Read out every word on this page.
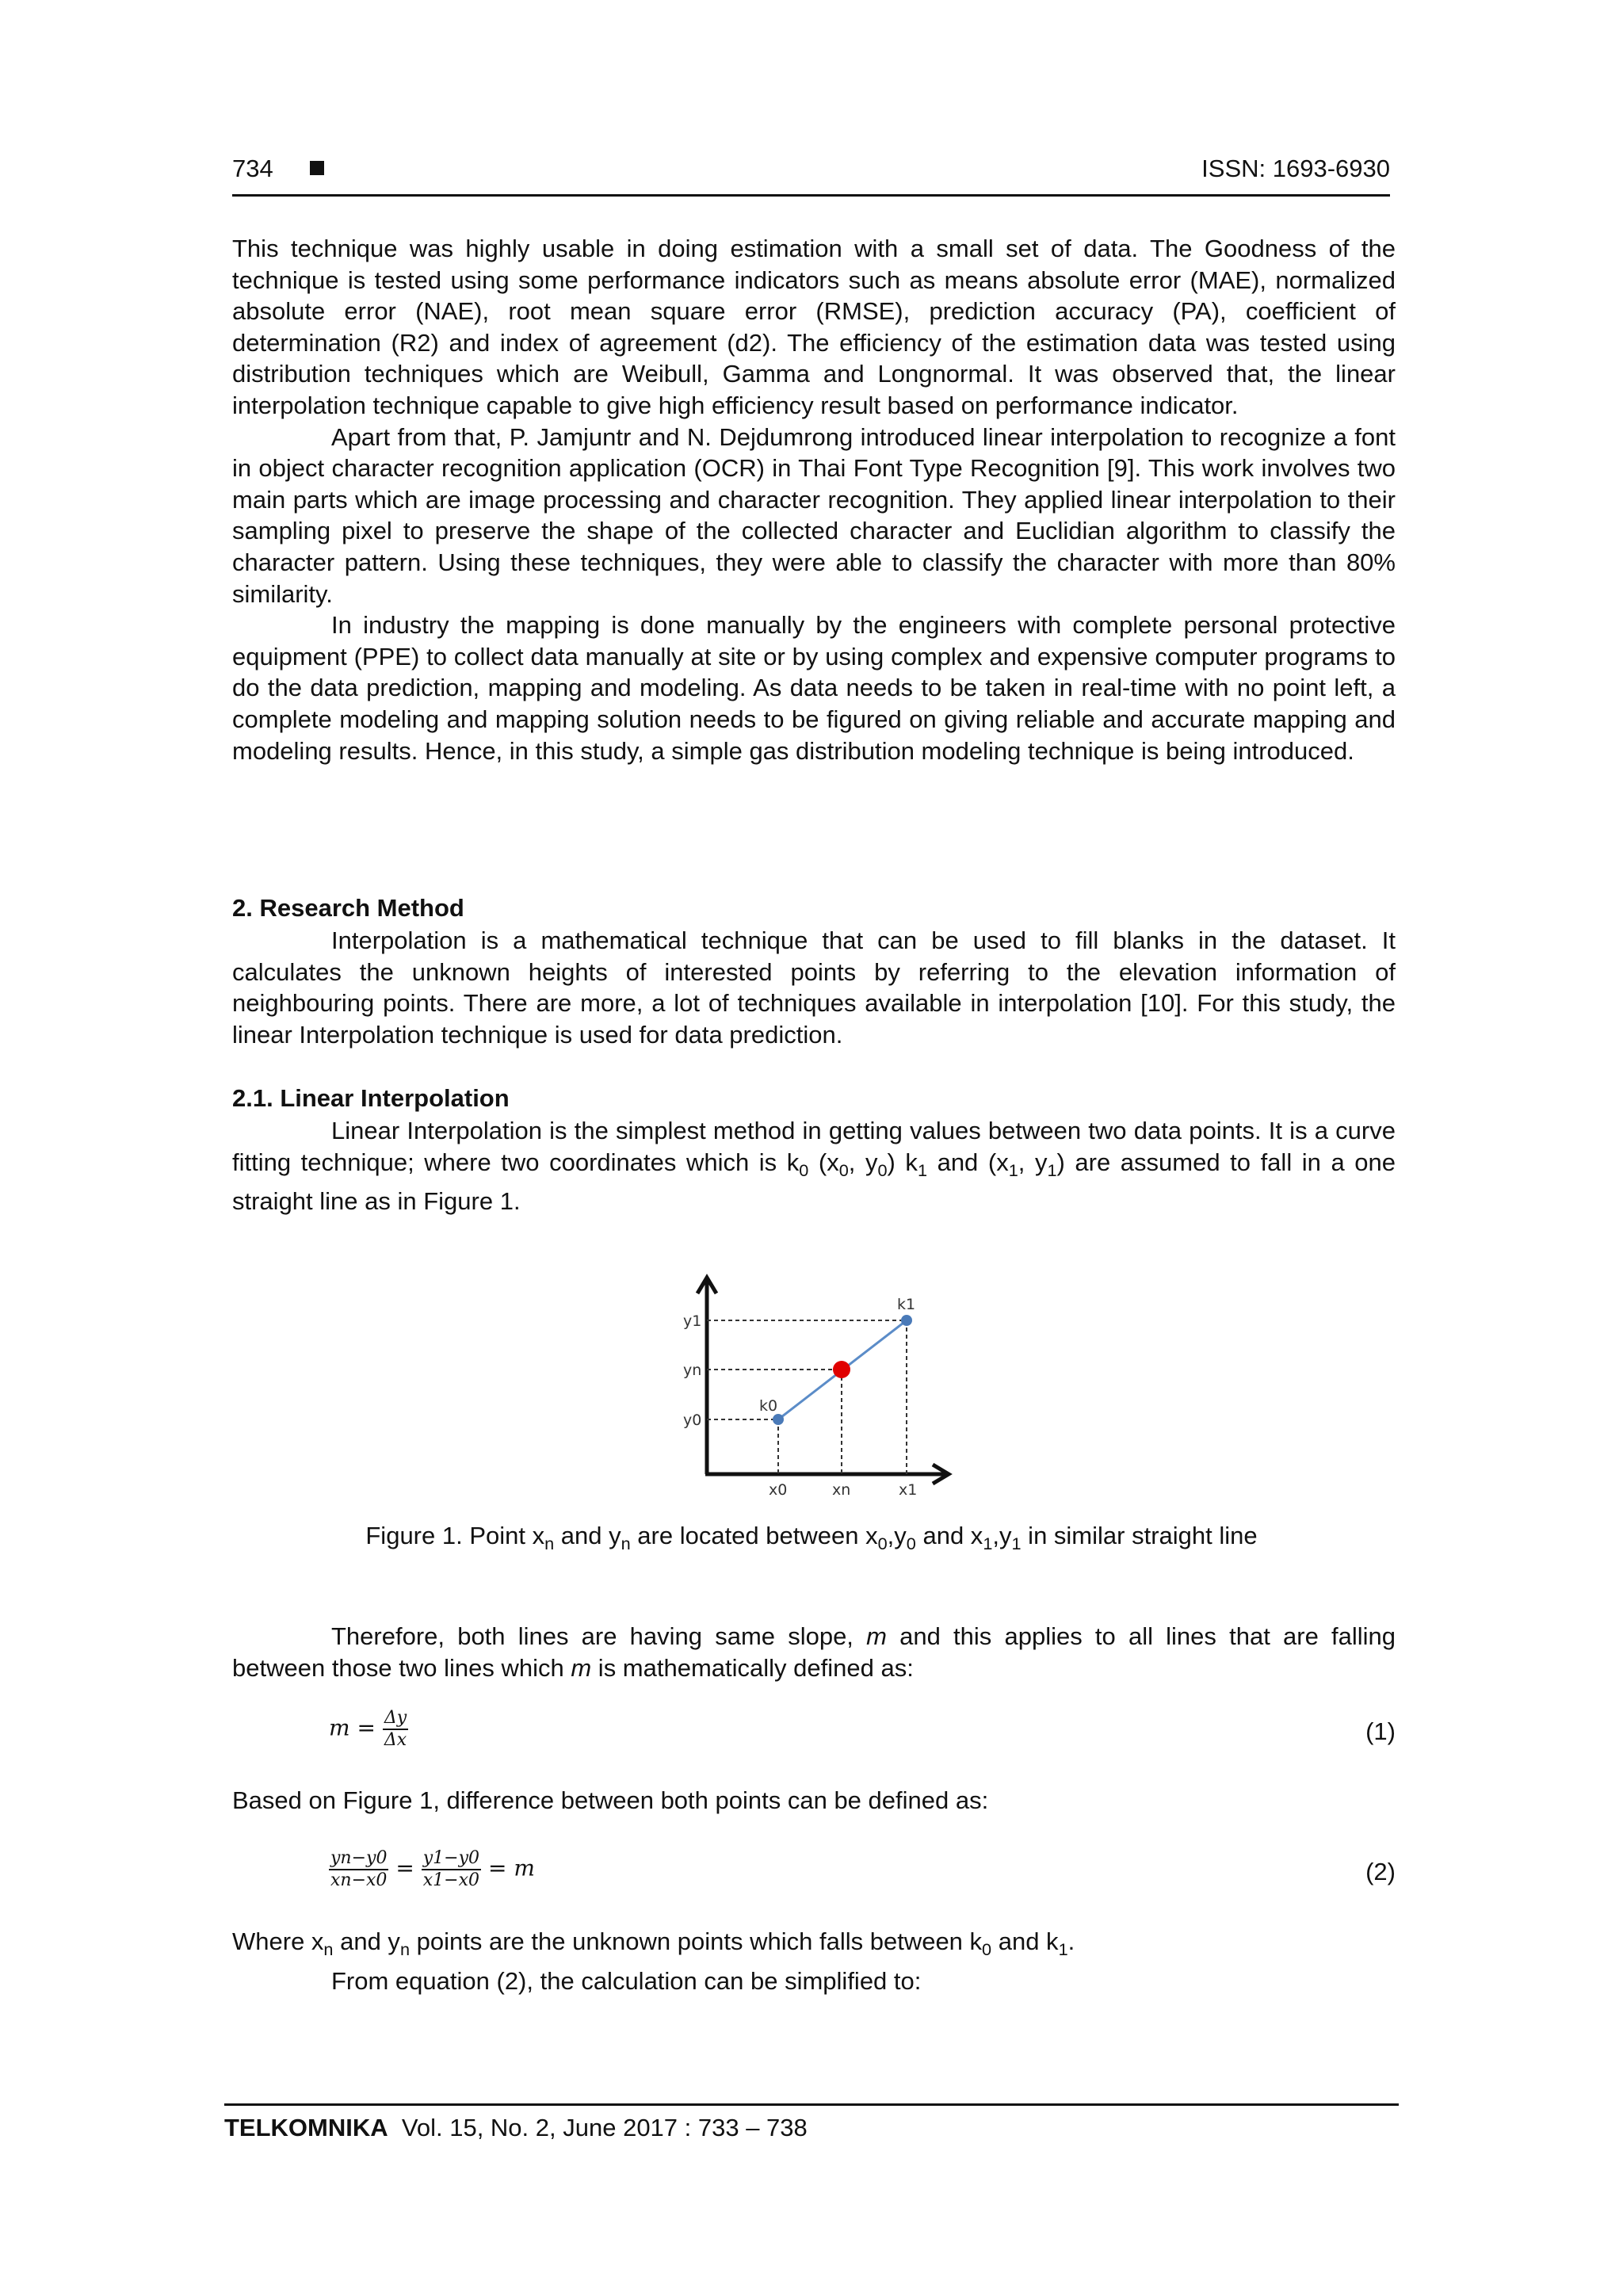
734	ISSN: 1693-6930

This technique was highly usable in doing estimation with a small set of data. The Goodness of the technique is tested using some performance indicators such as means absolute error (MAE), normalized absolute error (NAE), root mean square error (RMSE), prediction accuracy (PA), coefficient of determination (R2) and index of agreement (d2). The efficiency of the estimation data was tested using distribution techniques which are Weibull, Gamma and Longnormal. It was observed that, the linear interpolation technique capable to give high efficiency result based on performance indicator.

Apart from that, P. Jamjuntr and N. Dejdumrong introduced linear interpolation to recognize a font in object character recognition application (OCR) in Thai Font Type Recognition [9]. This work involves two main parts which are image processing and character recognition. They applied linear interpolation to their sampling pixel to preserve the shape of the collected character and Euclidian algorithm to classify the character pattern. Using these techniques, they were able to classify the character with more than 80% similarity.

In industry the mapping is done manually by the engineers with complete personal protective equipment (PPE) to collect data manually at site or by using complex and expensive computer programs to do the data prediction, mapping and modeling. As data needs to be taken in real-time with no point left, a complete modeling and mapping solution needs to be figured on giving reliable and accurate mapping and modeling results. Hence, in this study, a simple gas distribution modeling technique is being introduced.

2. Research Method

Interpolation is a mathematical technique that can be used to fill blanks in the dataset. It calculates the unknown heights of interested points by referring to the elevation information of neighbouring points. There are more, a lot of techniques available in interpolation [10]. For this study, the linear Interpolation technique is used for data prediction.

2.1. Linear Interpolation

Linear Interpolation is the simplest method in getting values between two data points. It is a curve fitting technique; where two coordinates which is $k_0$ ($x_0$, $y_0$) $k_1$ and ($x_1$, $y_1$) are assumed to fall in a one straight line as in Figure 1.

y1
yn
y0
x0	xn	x1
k0
k1
Figure 1. Point $x_n$ and $y_n$ are located between $x_0,y_0$ and $x_1,y_1$ in similar straight line

Therefore, both lines are having same slope, m and this applies to all lines that are falling between those two lines which m is mathematically defined as:

$m = \frac{\Delta y}{\Delta x}$	(1)

Based on Figure 1, difference between both points can be defined as:

$\frac{yn-y0}{xn-x0} = \frac{y1-y0}{x1-x0} = m$	(2)

Where $x_n$ and $y_n$ points are the unknown points which falls between $k_0$ and $k_1$.

From equation (2), the calculation can be simplified to:

TELKOMNIKA Vol. 15, No. 2, June 2017 : 733 – 738
